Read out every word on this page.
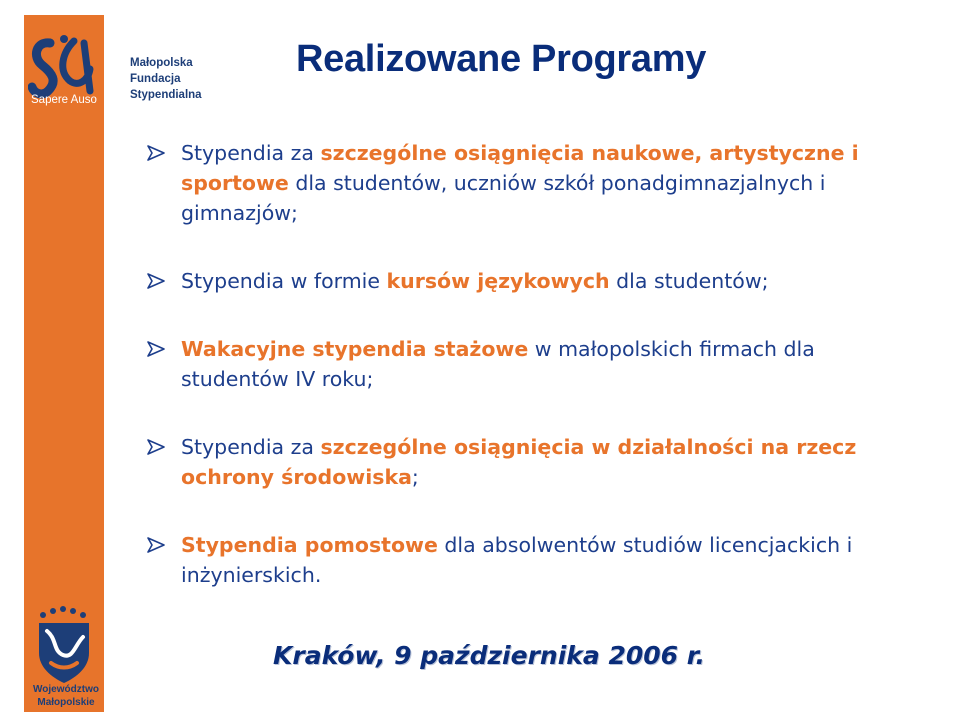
Małopolska
Fundacja
Stypendialna
Sapere Auso
Województwo
Małopolskie
Realizowane Programy
Stypendia za szczególne osiągnięcia naukowe, artystyczne i sportowe dla studentów, uczniów szkół ponadgimnazjalnych i gimnazjów;
Stypendia w formie kursów językowych dla studentów;
Wakacyjne stypendia stażowe w małopolskich firmach dla studentów IV roku;
Stypendia za szczególne osiągnięcia w działalności na rzecz ochrony środowiska;
Stypendia pomostowe dla absolwentów studiów licencjackich i inżynierskich.

Kraków, 9 października 2006 r.
